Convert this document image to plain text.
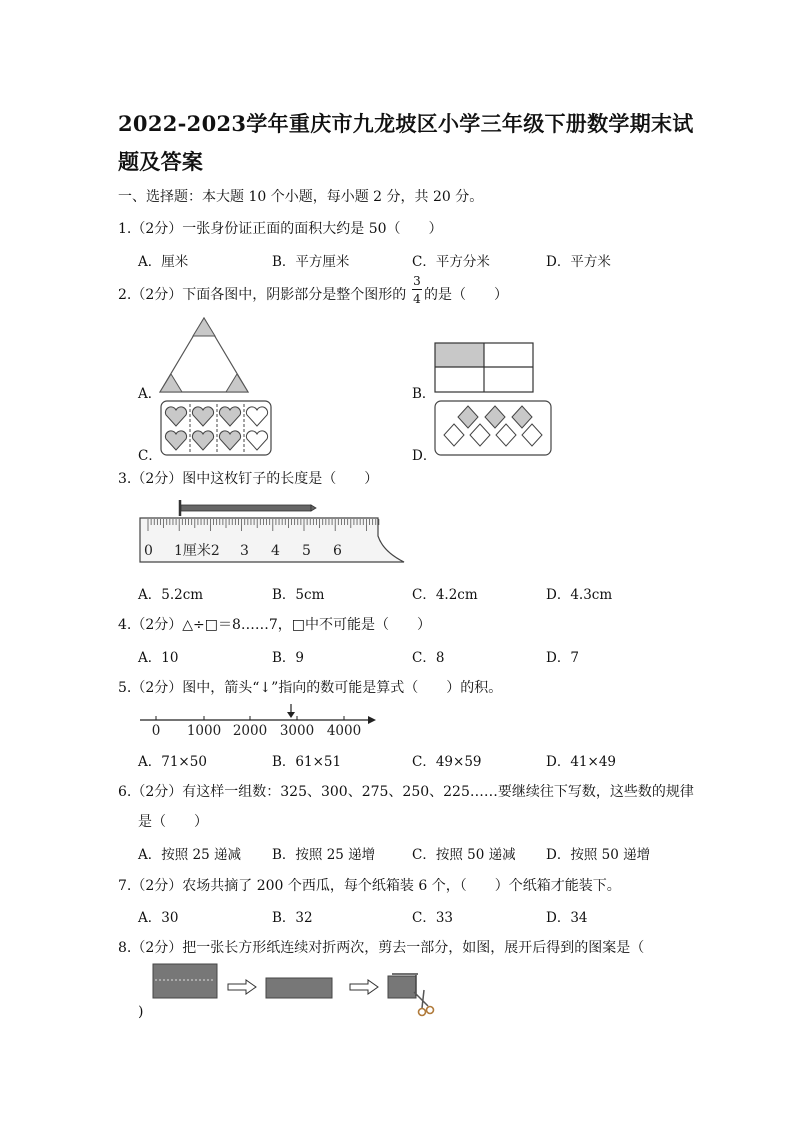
2022-2023学年重庆市九龙坡区小学三年级下册数学期末试
题及答案
一、选择题：本大题 10 个小题，每小题 2 分，共 20 分。
1.（2分）一张身份证正面的面积大约是 50（　　）
A．厘米	B．平方厘米	C．平方分米	D．平方米
2.（2分）下面各图中，阴影部分是整个图形的
3
4 的是（　　）
A．	B．
C．	D．
3.（2分）图中这枚钉子的长度是（　　）
0 1厘米2 3 4 5 6
A．5.2cm	B．5cm	C．4.2cm	D．4.3cm
4.（2分）△÷□＝8……7，□中不可能是（　　）
A．10	B．9	C．8	D．7
5.（2分）图中，箭头“↓”指向的数可能是算式（　　）的积。
0 1000 2000 3000 4000
A．71×50	B．61×51	C．49×59	D．41×49
6.（2分）有这样一组数：325、300、275、250、225……要继续往下写数，这些数的规律
是（　　）
A．按照 25 递减 B．按照 25 递增	C．按照 50 递减 D．按照 50 递增
7.（2分）农场共摘了 200 个西瓜，每个纸箱装 6 个，（　　）个纸箱才能装下。
A．30	B．32	C．33	D．34
8.（2分）把一张长方形纸连续对折两次，剪去一部分，如图，展开后得到的图案是（
)
